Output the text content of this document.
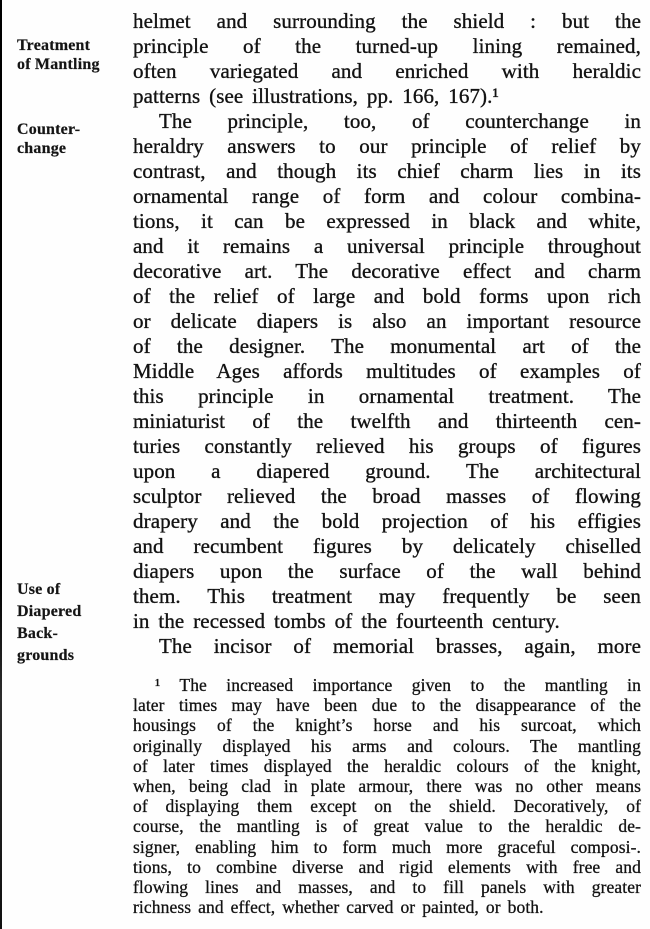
Treatment
of Mantling
Counter-
change
Use of
Diapered
Back-
grounds
helmet and surrounding the shield : but the
principle of the turned-up lining remained,
often variegated and enriched with heraldic
patterns (see illustrations, pp. 166, 167).¹
The principle, too, of counterchange in
heraldry answers to our principle of relief by
contrast, and though its chief charm lies in its
ornamental range of form and colour combina-
tions, it can be expressed in black and white,
and it remains a universal principle throughout
decorative art. The decorative effect and charm
of the relief of large and bold forms upon rich
or delicate diapers is also an important resource
of the designer. The monumental art of the
Middle Ages affords multitudes of examples of
this principle in ornamental treatment. The
miniaturist of the twelfth and thirteenth cen-
turies constantly relieved his groups of figures
upon a diapered ground. The architectural
sculptor relieved the broad masses of flowing
drapery and the bold projection of his effigies
and recumbent figures by delicately chiselled
diapers upon the surface of the wall behind
them. This treatment may frequently be seen
in the recessed tombs of the fourteenth century.
The incisor of memorial brasses, again, more
¹ The increased importance given to the mantling in
later times may have been due to the disappearance of the
housings of the knight’s horse and his surcoat, which
originally displayed his arms and colours. The mantling
of later times displayed the heraldic colours of the knight,
when, being clad in plate armour, there was no other means
of displaying them except on the shield. Decoratively, of
course, the mantling is of great value to the heraldic de-
signer, enabling him to form much more graceful composi-.
tions, to combine diverse and rigid elements with free and
flowing lines and masses, and to fill panels with greater
richness and effect, whether carved or painted, or both.
